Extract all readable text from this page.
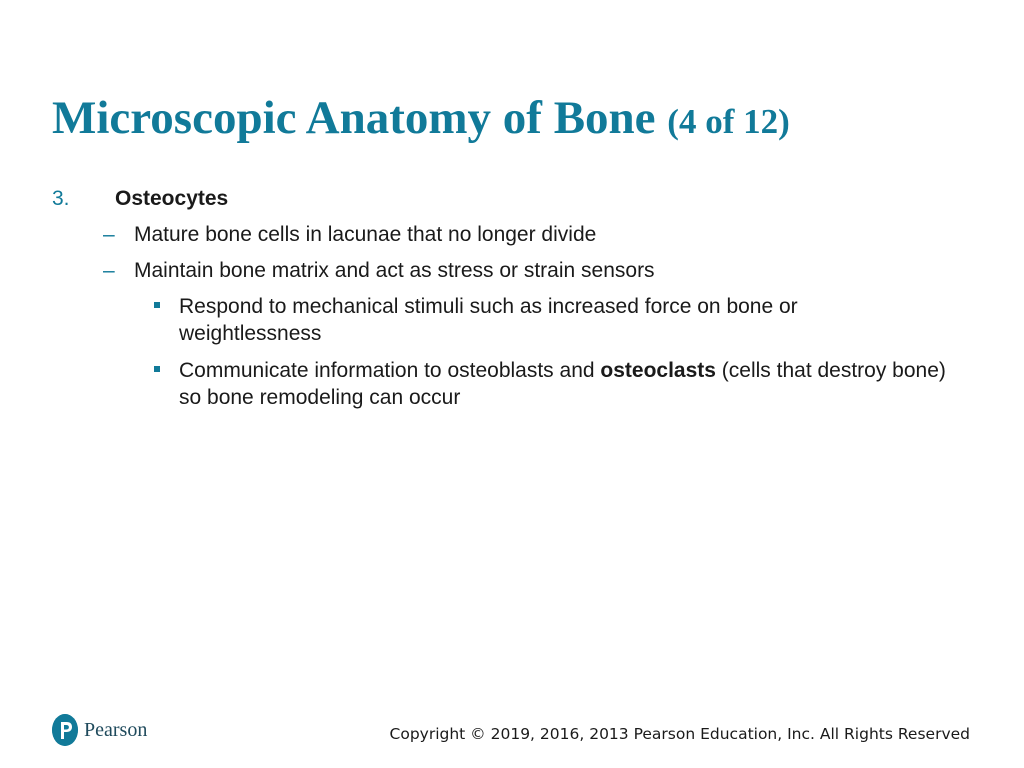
Microscopic Anatomy of Bone (4 of 12)
3. Osteocytes
– Mature bone cells in lacunae that no longer divide
– Maintain bone matrix and act as stress or strain sensors
Respond to mechanical stimuli such as increased force on bone or weightlessness
Communicate information to osteoblasts and osteoclasts (cells that destroy bone) so bone remodeling can occur
Pearson	Copyright © 2019, 2016, 2013 Pearson Education, Inc. All Rights Reserved
